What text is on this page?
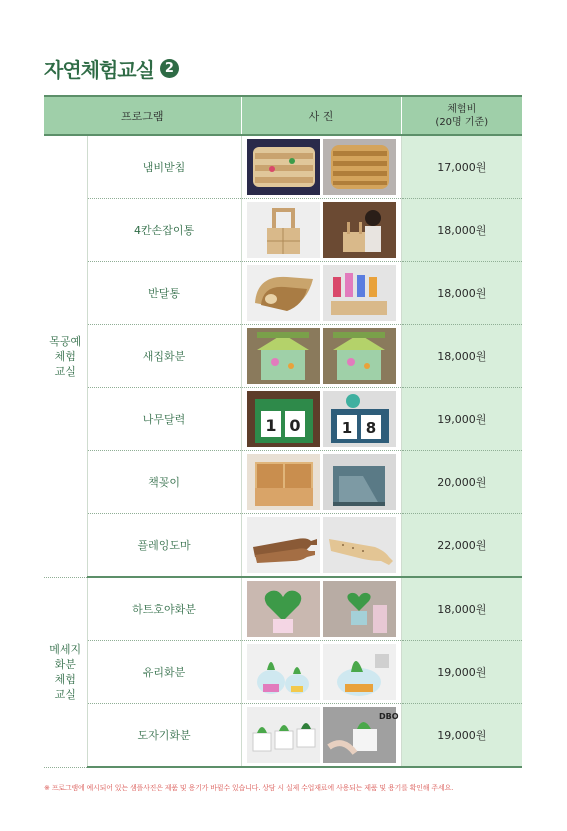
자연체험교실 2
프로그램		사 진	체험비
(20명 기준)

목공예
체험
교실	냄비받침		17,000원
	4칸손잡이통		18,000원
	반달통		18,000원
	새집화분		18,000원
	나무달력	1 0 1 8	19,000원
	책꽂이		20,000원
	플레잉도마		22,000원
메세지
화분
체험
교실	하트호야화분		18,000원
	유리화분		19,000원
	도자기화분	DBO	19,000원
※ 프로그램에 예시되어 있는 샘플사진은 제품 및 용기가 바뀔수 있습니다. 상담 시 실제 수업재료에 사용되는 제품 및 용기를 확인해 주세요.
